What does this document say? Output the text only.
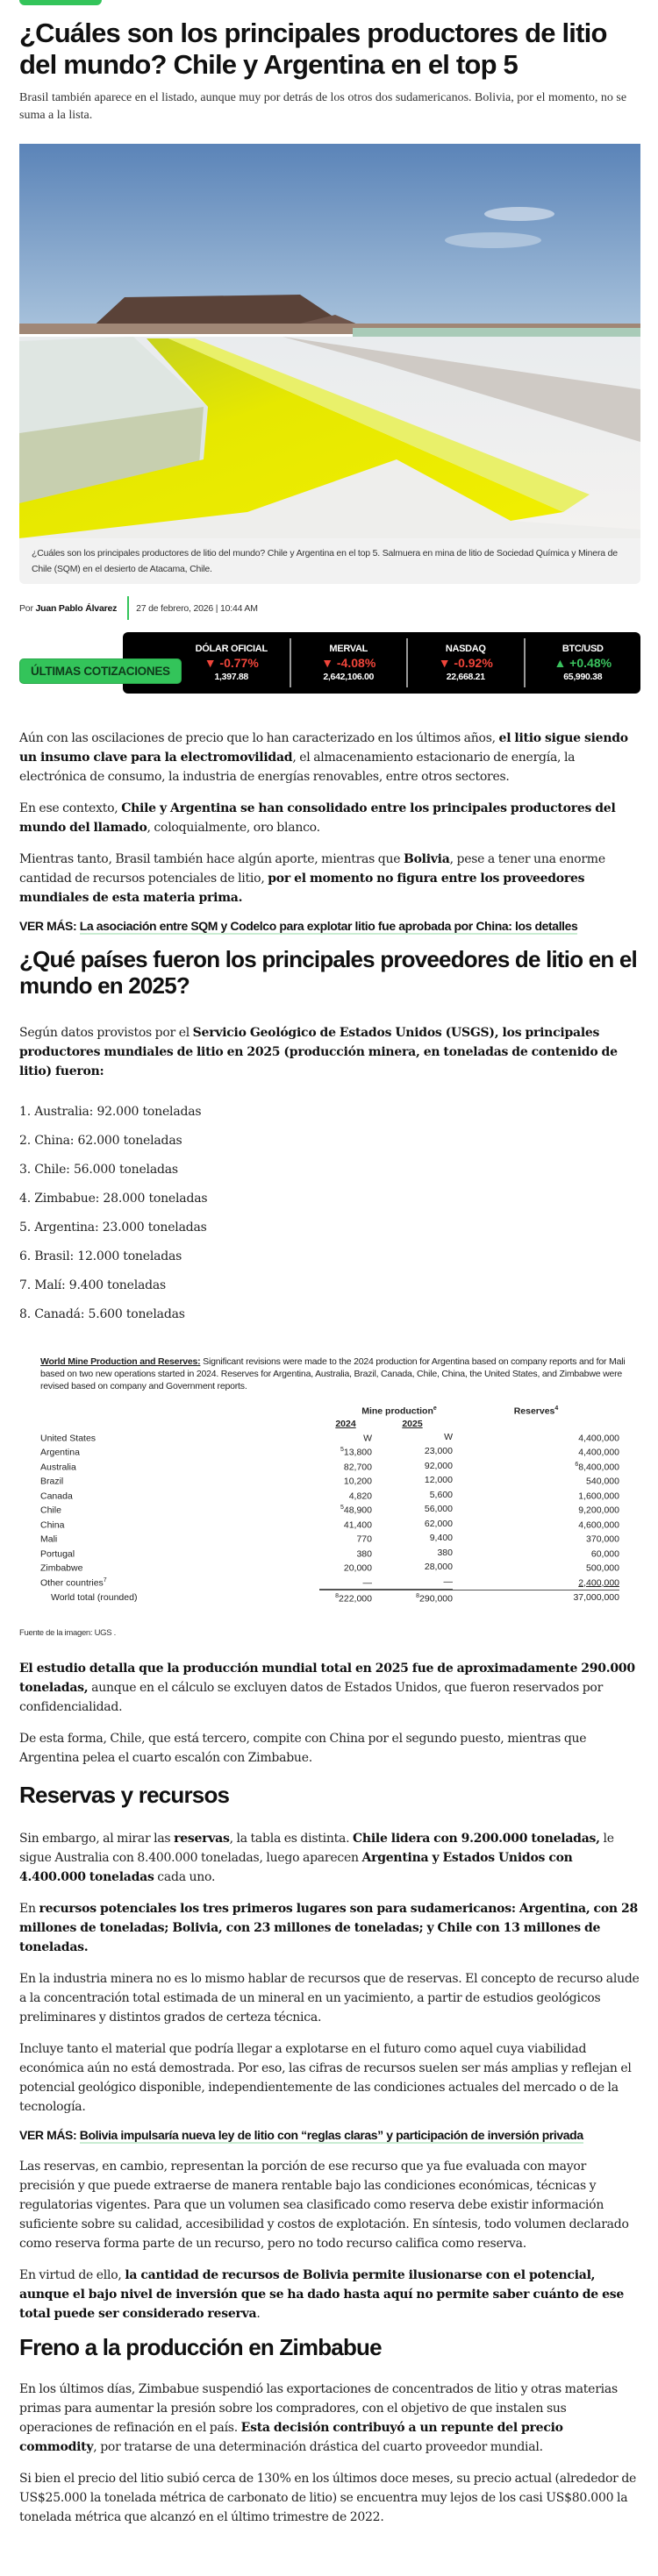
¿Cuáles son los principales productores de litio del mundo? Chile y Argentina en el top 5

Brasil también aparece en el listado, aunque muy por detrás de los otros dos sudamericanos. Bolivia, por el momento, no se suma a la lista.

¿Cuáles son los principales productores de litio del mundo? Chile y Argentina en el top 5. Salmuera en mina de litio de Sociedad Química y Minera de Chile (SQM) en el desierto de Atacama, Chile.
Por Juan Pablo Álvarez	27 de febrero, 2026 | 10:44 AM
ÚLTIMAS COTIZACIONES
DÓLAR OFICIAL
▼ -0.77%
1,397.88
MERVAL
▼ -4.08%
2,642,106.00
NASDAQ
▼ -0.92%
22,668.21
BTC/USD
▲ +0.48%
65,990.38

Aún con las oscilaciones de precio que lo han caracterizado en los últimos años, el litio sigue siendo un insumo clave para la electromovilidad, el almacenamiento estacionario de energía, la electrónica de consumo, la industria de energías renovables, entre otros sectores.

En ese contexto, Chile y Argentina se han consolidado entre los principales productores del mundo del llamado, coloquialmente, oro blanco.

Mientras tanto, Brasil también hace algún aporte, mientras que Bolivia, pese a tener una enorme cantidad de recursos potenciales de litio, por el momento no figura entre los proveedores mundiales de esta materia prima.

VER MÁS: La asociación entre SQM y Codelco para explotar litio fue aprobada por China: los detalles
¿Qué países fueron los principales proveedores de litio en el mundo en 2025?

Según datos provistos por el Servicio Geológico de Estados Unidos (USGS), los principales productores mundiales de litio en 2025 (producción minera, en toneladas de contenido de litio) fueron:

1. Australia: 92.000 toneladas
2. China: 62.000 toneladas
3. Chile: 56.000 toneladas
4. Zimbabue: 28.000 toneladas
5. Argentina: 23.000 toneladas
6. Brasil: 12.000 toneladas
7. Malí: 9.400 toneladas
8. Canadá: 5.600 toneladas
World Mine Production and Reserves: Significant revisions were made to the 2024 production for Argentina based on company reports and for Mali based on two new operations started in 2024. Reserves for Argentina, Australia, Brazil, Canada, Chile, China, the United States, and Zimbabwe were revised based on company and Government reports.
	Mine production$^e$		Reserves$^4$
	2024	2025	
United States	W	W	4,400,000
Argentina	$^5$13,800	23,000	4,400,000
Australia	82,700	92,000	$^6$8,400,000
Brazil	10,200	12,000	540,000
Canada	4,820	5,600	1,600,000
Chile	$^5$48,900	56,000	9,200,000
China	41,400	62,000	4,600,000
Mali	770	9,400	370,000
Portugal	380	380	60,000
Zimbabwe	20,000	28,000	500,000
Other countries$^7$	—	—	2,400,000
World total (rounded)	$^8$222,000	$^8$290,000	37,000,000
Fuente de la imagen: UGS .

El estudio detalla que la producción mundial total en 2025 fue de aproximadamente 290.000 toneladas, aunque en el cálculo se excluyen datos de Estados Unidos, que fueron reservados por confidencialidad.

De esta forma, Chile, que está tercero, compite con China por el segundo puesto, mientras que Argentina pelea el cuarto escalón con Zimbabue.

Reservas y recursos

Sin embargo, al mirar las reservas, la tabla es distinta. Chile lidera con 9.200.000 toneladas, le sigue Australia con 8.400.000 toneladas, luego aparecen Argentina y Estados Unidos con 4.400.000 toneladas cada uno.

En recursos potenciales los tres primeros lugares son para sudamericanos: Argentina, con 28 millones de toneladas; Bolivia, con 23 millones de toneladas; y Chile con 13 millones de toneladas.

En la industria minera no es lo mismo hablar de recursos que de reservas. El concepto de recurso alude a la concentración total estimada de un mineral en un yacimiento, a partir de estudios geológicos preliminares y distintos grados de certeza técnica.

Incluye tanto el material que podría llegar a explotarse en el futuro como aquel cuya viabilidad económica aún no está demostrada. Por eso, las cifras de recursos suelen ser más amplias y reflejan el potencial geológico disponible, independientemente de las condiciones actuales del mercado o de la tecnología.

VER MÁS: Bolivia impulsaría nueva ley de litio con “reglas claras” y participación de inversión privada

Las reservas, en cambio, representan la porción de ese recurso que ya fue evaluada con mayor precisión y que puede extraerse de manera rentable bajo las condiciones económicas, técnicas y regulatorias vigentes. Para que un volumen sea clasificado como reserva debe existir información suficiente sobre su calidad, accesibilidad y costos de explotación. En síntesis, todo volumen declarado como reserva forma parte de un recurso, pero no todo recurso califica como reserva.

En virtud de ello, la cantidad de recursos de Bolivia permite ilusionarse con el potencial, aunque el bajo nivel de inversión que se ha dado hasta aquí no permite saber cuánto de ese total puede ser considerado reserva.

Freno a la producción en Zimbabue

En los últimos días, Zimbabue suspendió las exportaciones de concentrados de litio y otras materias primas para aumentar la presión sobre los compradores, con el objetivo de que instalen sus operaciones de refinación en el país. Esta decisión contribuyó a un repunte del precio commodity, por tratarse de una determinación drástica del cuarto proveedor mundial.

Si bien el precio del litio subió cerca de 130% en los últimos doce meses, su precio actual (alrededor de US$25.000 la tonelada métrica de carbonato de litio) se encuentra muy lejos de los casi US$80.000 la tonelada métrica que alcanzó en el último trimestre de 2022.
